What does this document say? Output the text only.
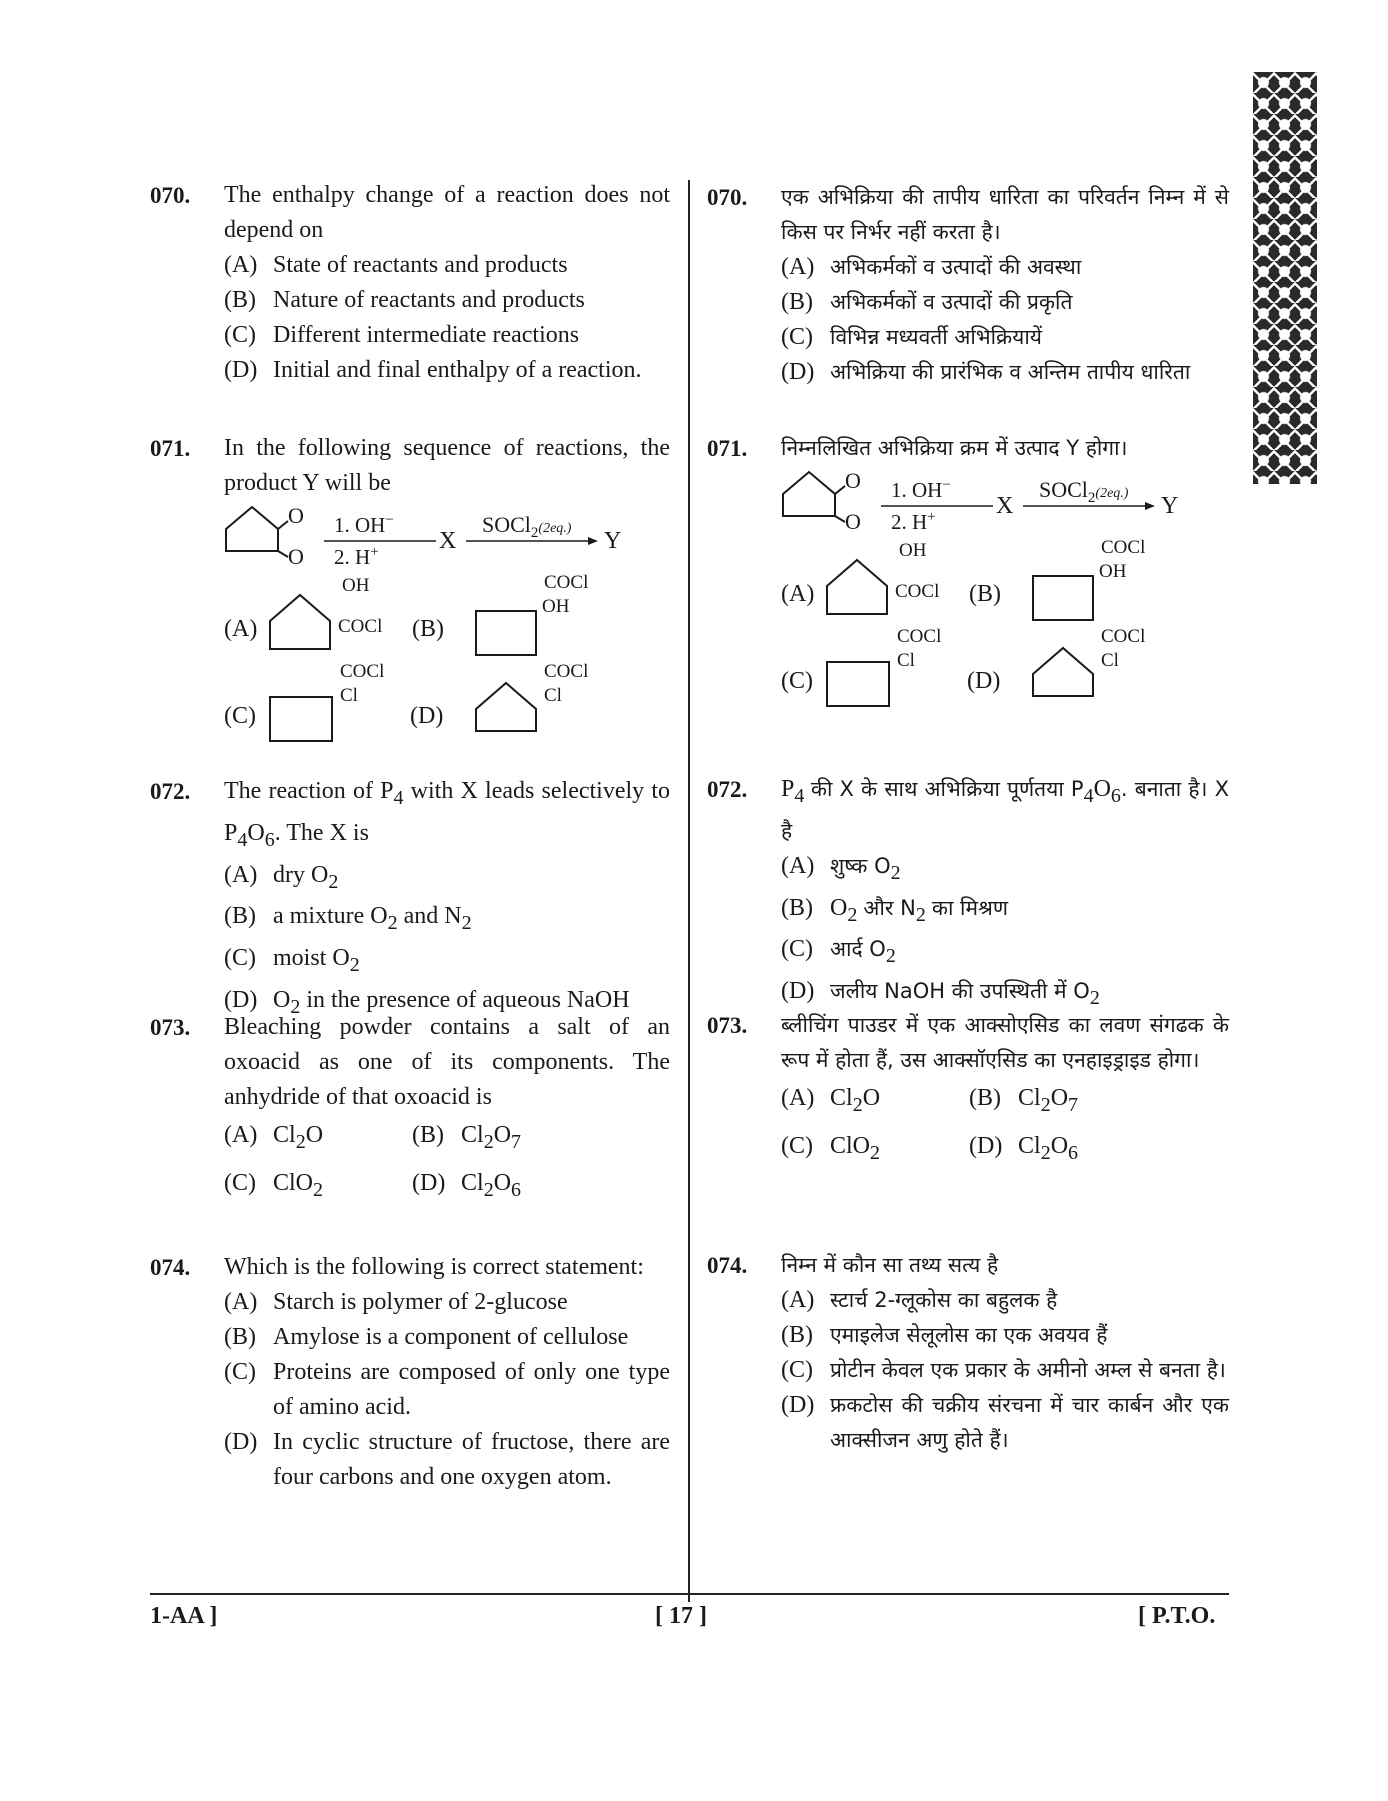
070. The enthalpy change of a reaction does not depend on
(A) State of reactants and products
(B) Nature of reactants and products
(C) Different intermediate reactions
(D) Initial and final enthalpy of a reaction.
071. In the following sequence of reactions, the product Y will be
O
O
1. OH−
2. H+	X
SOCl$_2^{(2eq.)}$ Y
(A)
OH
COCl (B)
COCl
OH
(C)
COCl
Cl
(D)
COCl
Cl
072. The reaction of $P_4$ with X leads selectively to $P_4O_6$. The X is
(A) dry $O_2$
(B) a mixture $O_2$ and $N_2$
(C) moist $O_2$
(D) $O_2$ in the presence of aqueous NaOH
073. Bleaching powder contains a salt of an oxoacid as one of its components. The anhydride of that oxoacid is
(A) $Cl_2O$	(B) $Cl_2O_7$
(C) ClO$_2$	(D) $Cl_2O_6$
074. Which is the following is correct statement:
(A) Starch is polymer of 2-glucose
(B) Amylose is a component of cellulose
(C) Proteins are composed of only one type of amino acid.
(D) In cyclic structure of fructose, there are four carbons and one oxygen atom.
070. एक अभिक्रिया की तापीय धारिता का परिवर्तन निम्न में से किस पर निर्भर नहीं करता है।
(A) अभिकर्मकों व उत्पादों की अवस्था
(B) अभिकर्मकों व उत्पादों की प्रकृति
(C) विभिन्न मध्यवर्ती अभिक्रियायें
(D) अभिक्रिया की प्रारंभिक व अन्तिम तापीय धारिता
071. निम्नलिखित अभिक्रिया क्रम में उत्पाद Y होगा।
O
O
1. OH−
2. H+	X
SOCl$_2^{(2eq.)}$ Y
(A)
OH
COCl (B)
COCl
OH
(C)
COCl
Cl
(D)
COCl
Cl
072. $P_4$ की X के साथ अभिक्रिया पूर्णतया $P_4O_6$. बनाता है। X है
(A) शुष्क $O_2$
(B) $O_2$ और $N_2$ का मिश्रण
(C) आर्द $O_2$
(D) जलीय NaOH की उपस्थिती में $O_2$
073. ब्लीचिंग पाउडर में एक आक्सोएसिड का लवण संगढक के रूप में होता हैं, उस आक्सॉएसिड का एनहाइड्राइड होगा।
(A) $Cl_2O$	(B) $Cl_2O_7$
(C) ClO$_2$	(D) $Cl_2O_6$
074. निम्न में कौन सा तथ्य सत्य है
(A) स्टार्च 2-ग्लूकोस का बहुलक है
(B) एमाइलेज सेलूलोस का एक अवयव हैं
(C) प्रोटीन केवल एक प्रकार के अमीनो अम्ल से बनता है।
(D) फ्रकटोस की चक्रीय संरचना में चार कार्बन और एक आक्सीजन अणु होते हैं।
1-AA ]	[ 17 ]	[ P.T.O.
